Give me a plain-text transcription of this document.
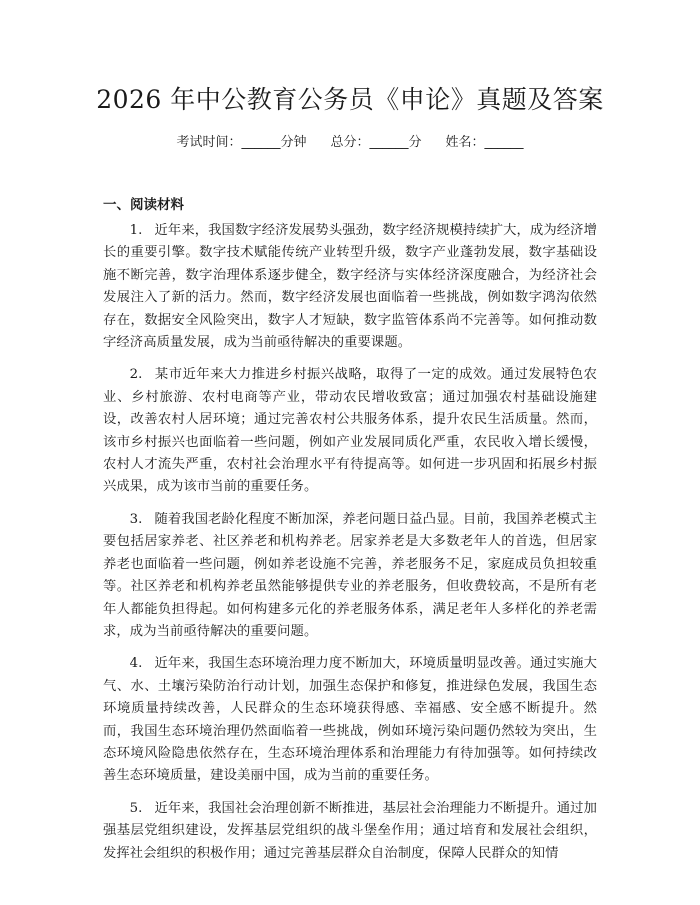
2026 年中公教育公务员《申论》真题及答案
考试时间：______分钟 总分：______分 姓名：______
一、阅读材料

1. 近年来，我国数字经济发展势头强劲，数字经济规模持续扩大，成为经济增长的重要引擎。数字技术赋能传统产业转型升级，数字产业蓬勃发展，数字基础设施不断完善，数字治理体系逐步健全，数字经济与实体经济深度融合，为经济社会发展注入了新的活力。然而，数字经济发展也面临着一些挑战，例如数字鸿沟依然存在，数据安全风险突出，数字人才短缺，数字监管体系尚不完善等。如何推动数字经济高质量发展，成为当前亟待解决的重要课题。

2. 某市近年来大力推进乡村振兴战略，取得了一定的成效。通过发展特色农业、乡村旅游、农村电商等产业，带动农民增收致富；通过加强农村基础设施建设，改善农村人居环境；通过完善农村公共服务体系，提升农民生活质量。然而，该市乡村振兴也面临着一些问题，例如产业发展同质化严重，农民收入增长缓慢，农村人才流失严重，农村社会治理水平有待提高等。如何进一步巩固和拓展乡村振兴成果，成为该市当前的重要任务。

3. 随着我国老龄化程度不断加深，养老问题日益凸显。目前，我国养老模式主要包括居家养老、社区养老和机构养老。居家养老是大多数老年人的首选，但居家养老也面临着一些问题，例如养老设施不完善，养老服务不足，家庭成员负担较重等。社区养老和机构养老虽然能够提供专业的养老服务，但收费较高，不是所有老年人都能负担得起。如何构建多元化的养老服务体系，满足老年人多样化的养老需求，成为当前亟待解决的重要问题。

4. 近年来，我国生态环境治理力度不断加大，环境质量明显改善。通过实施大气、水、土壤污染防治行动计划，加强生态保护和修复，推进绿色发展，我国生态环境质量持续改善，人民群众的生态环境获得感、幸福感、安全感不断提升。然而，我国生态环境治理仍然面临着一些挑战，例如环境污染问题仍然较为突出，生态环境风险隐患依然存在，生态环境治理体系和治理能力有待加强等。如何持续改善生态环境质量，建设美丽中国，成为当前的重要任务。

5. 近年来，我国社会治理创新不断推进，基层社会治理能力不断提升。通过加强基层党组织建设，发挥基层党组织的战斗堡垒作用；通过培育和发展社会组织，发挥社会组织的积极作用；通过完善基层群众自治制度，保障人民群众的知情
